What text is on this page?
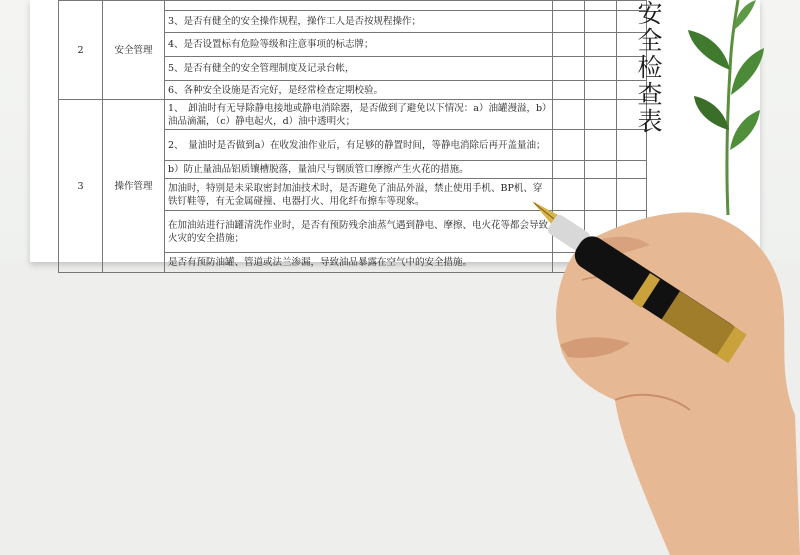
2	安全管理				
		3、是否有健全的安全操作规程，操作工人是否按规程操作；			
		4、是否设置标有危险等级和注意事项的标志牌；			
		5、是否有健全的安全管理制度及记录台帐，			
		6、各种安全设施是否完好，是经常检查定期校验。			
3	操作管理	1、　卸油时有无导除静电接地或静电消除器，是否做到了避免以下情况：a）油罐漫溢，b）油品滴漏，（c）静电起火，d）油中透明火；			
		2、　量油时是否做到a）在收发油作业后，有足够的静置时间，等静电消除后再开盖量油；			
		b）防止量油品铝质镶槽脱落，量油尺与钢质管口摩擦产生火花的措施。			
		加油时，特别是未采取密封加油技术时，是否避免了油品外溢，禁止使用手机、BP机、穿铁钉鞋等，有无金属碰撞、电器打火、用化纤布擦车等现象。			
		在加油站进行油罐清洗作业时，是否有预防残余油蒸气遇到静电、摩擦、电火花等都会导致火灾的安全措施；			
		是否有预防油罐、管道或法兰渗漏，导致油品暴露在空气中的安全措施。			
安全检查表
